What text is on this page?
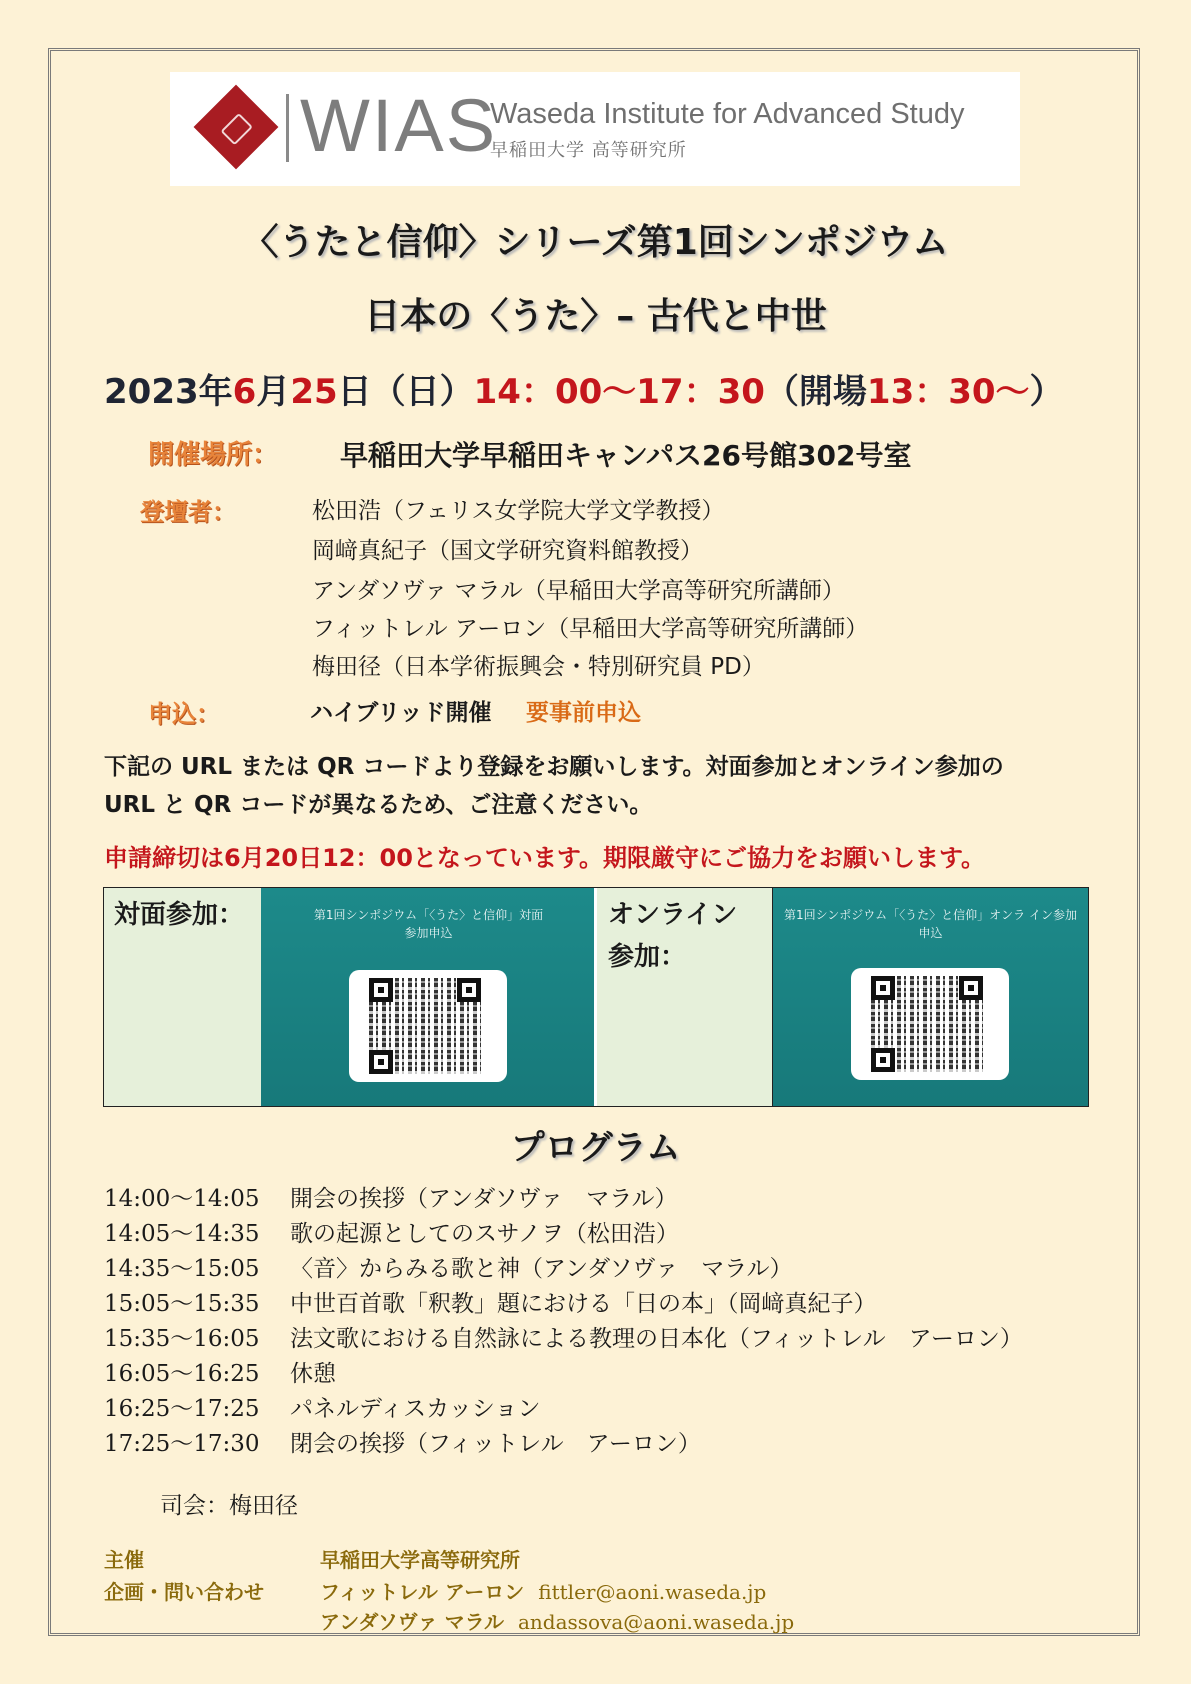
WIAS
Waseda Institute for Advanced Study
早稲田大学 高等研究所
〈うたと信仰〉シリーズ第1回シンポジウム
日本の〈うた〉– 古代と中世
2023年6月25日（日）14：00～17：30（開場13：30～）
開催場所： 早稲田大学早稲田キャンパス26号館302号室
登壇者：	松田浩（フェリス女学院大学文学教授）
岡﨑真紀子（国文学研究資料館教授）
アンダソヴァ マラル（早稲田大学高等研究所講師）
フィットレル アーロン（早稲田大学高等研究所講師）
梅田径（日本学術振興会・特別研究員 PD）
申込：	ハイブリッド開催 要事前申込
下記の URL または QR コードより登録をお願いします。対面参加とオンライン参加の
URL と QR コードが異なるため、ご注意ください。
申請締切は6月20日12：00となっています。期限厳守にご協力をお願いします。
対面参加：	第1回シンポジウム「〈うた〉と信仰」対面 参加申込
オンライン
参加：
第1回シンポジウム「〈うた〉と信仰」オンラ イン参加申込
プログラム
14:00～14:05 開会の挨拶（アンダソヴァ　マラル）
14:05～14:35 歌の起源としてのスサノヲ（松田浩）
14:35～15:05 〈音〉からみる歌と神（アンダソヴァ　マラル）
15:05～15:35 中世百首歌「釈教」題における「日の本」（岡﨑真紀子）
15:35～16:05 法文歌における自然詠による教理の日本化（フィットレル　アーロン）
16:05～16:25 休憩
16:25～17:25 パネルディスカッション
17:25～17:30 閉会の挨拶（フィットレル　アーロン）
司会：梅田径
主催	早稲田大学高等研究所
企画・問い合わせ	フィットレル アーロン fittler@aoni.waseda.jp
アンダソヴァ マラル andassova@aoni.waseda.jp
